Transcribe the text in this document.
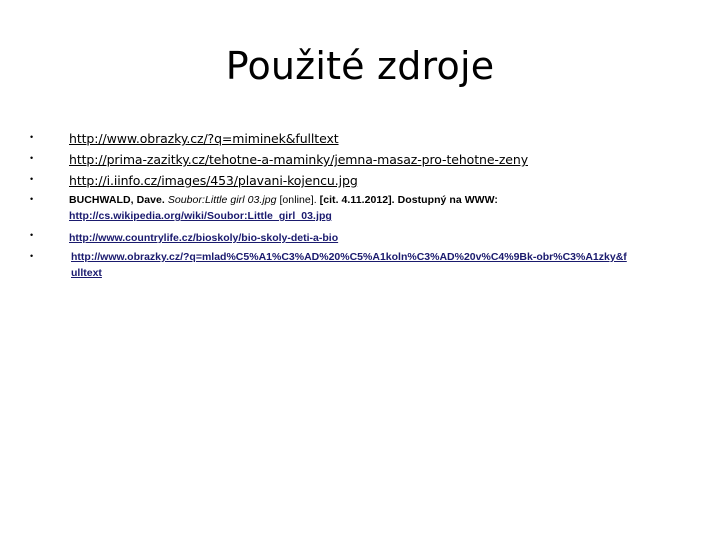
Použité zdroje
•	http://www.obrazky.cz/?q=miminek&fulltext
•	http://prima-zazitky.cz/tehotne-a-maminky/jemna-masaz-pro-tehotne-zeny
•	http://i.iinfo.cz/images/453/plavani-kojencu.jpg
•	BUCHWALD, Dave. Soubor:Little girl 03.jpg [online]. [cit. 4.11.2012]. Dostupný na WWW:
http://cs.wikipedia.org/wiki/Soubor:Little_girl_03.jpg
•	http://www.countrylife.cz/bioskoly/bio-skoly-deti-a-bio
•	http://www.obrazky.cz/?q=mlad%C5%A1%C3%AD%20%C5%A1koln%C3%AD%20v%C4%9Bk-obr%C3%A1zky&fulltext
